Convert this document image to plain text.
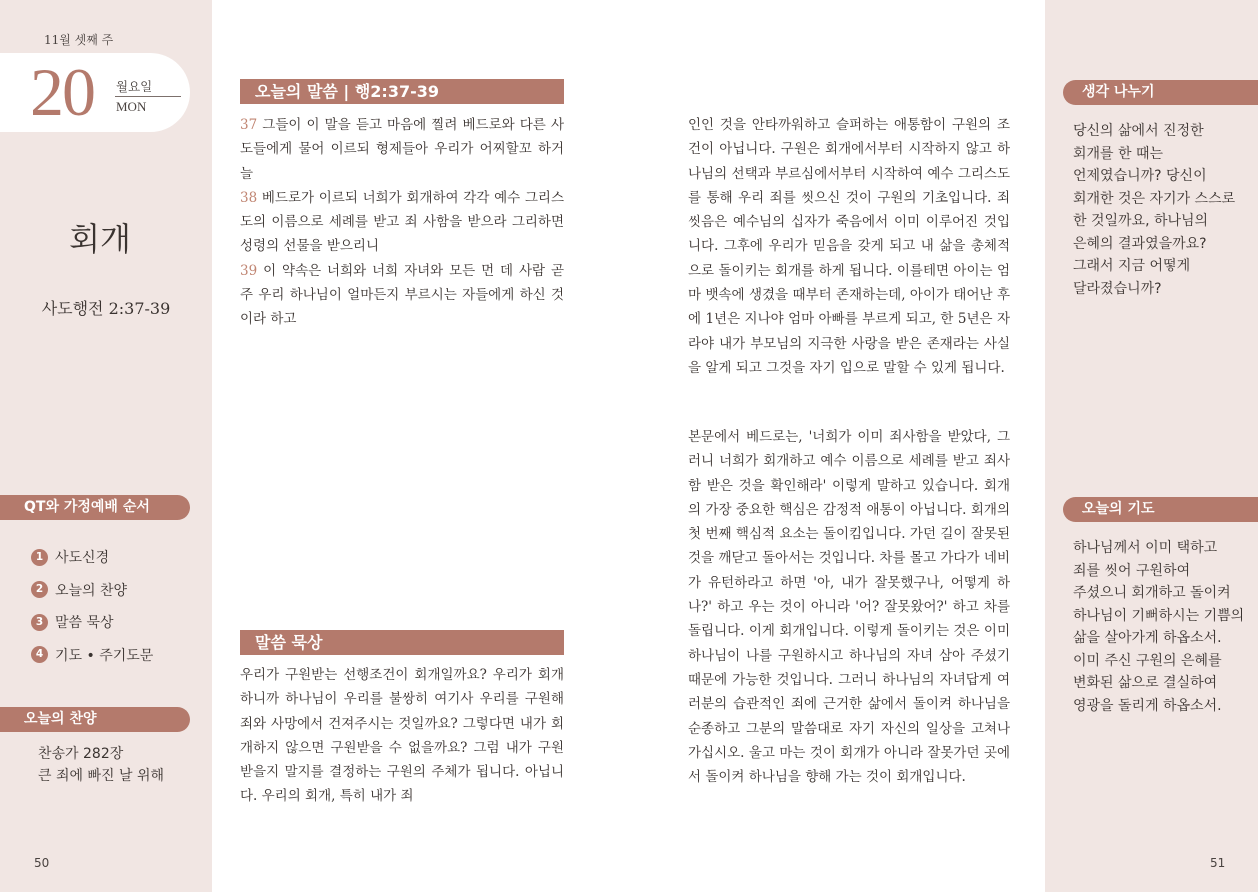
11월 셋째 주
20 월요일
MON
회개
사도행전 2:37-39
QT와 가정예배 순서
1 사도신경
2 오늘의 찬양
3 말씀 묵상
4 기도 • 주기도문
오늘의 찬양
찬송가 282장
큰 죄에 빠진 날 위해
50
오늘의 말씀 | 행2:37-39
37 그들이 이 말을 듣고 마음에 찔려 베드로와 다른 사도들에게 물어 이르되 형제들아 우리가 어찌할꼬 하거늘
38 베드로가 이르되 너희가 회개하여 각각 예수 그리스도의 이름으로 세례를 받고 죄 사함을 받으라 그리하면 성령의 선물을 받으리니
39 이 약속은 너희와 너희 자녀와 모든 먼 데 사람 곧 주 우리 하나님이 얼마든지 부르시는 자들에게 하신 것이라 하고
말씀 묵상
우리가 구원받는 선행조건이 회개일까요? 우리가 회개하니까 하나님이 우리를 불쌍히 여기사 우리를 구원해 죄와 사망에서 건져주시는 것일까요? 그렇다면 내가 회개하지 않으면 구원받을 수 없을까요? 그럼 내가 구원 받을지 말지를 결정하는 구원의 주체가 됩니다. 아닙니다. 우리의 회개, 특히 내가 죄
인인 것을 안타까워하고 슬퍼하는 애통함이 구원의 조건이 아닙니다. 구원은 회개에서부터 시작하지 않고 하나님의 선택과 부르심에서부터 시작하여 예수 그리스도를 통해 우리 죄를 씻으신 것이 구원의 기초입니다. 죄씻음은 예수님의 십자가 죽음에서 이미 이루어진 것입니다. 그후에 우리가 믿음을 갖게 되고 내 삶을 총체적으로 돌이키는 회개를 하게 됩니다. 이를테면 아이는 엄마 뱃속에 생겼을 때부터 존재하는데, 아이가 태어난 후에 1년은 지나야 엄마 아빠를 부르게 되고, 한 5년은 자라야 내가 부모님의 지극한 사랑을 받은 존재라는 사실을 알게 되고 그것을 자기 입으로 말할 수 있게 됩니다.
본문에서 베드로는, '너희가 이미 죄사함을 받았다, 그러니 너희가 회개하고 예수 이름으로 세례를 받고 죄사함 받은 것을 확인해라' 이렇게 말하고 있습니다. 회개의 가장 중요한 핵심은 감정적 애통이 아닙니다. 회개의 첫 번째 핵심적 요소는 돌이킴입니다. 가던 길이 잘못된 것을 깨닫고 돌아서는 것입니다. 차를 몰고 가다가 네비가 유턴하라고 하면 '아, 내가 잘못했구나, 어떻게 하나?' 하고 우는 것이 아니라 '어? 잘못왔어?' 하고 차를 돌립니다. 이게 회개입니다. 이렇게 돌이키는 것은 이미 하나님이 나를 구원하시고 하나님의 자녀 삼아 주셨기 때문에 가능한 것입니다. 그러니 하나님의 자녀답게 여러분의 습관적인 죄에 근거한 삶에서 돌이켜 하나님을 순종하고 그분의 말씀대로 자기 자신의 일상을 고쳐나가십시오. 울고 마는 것이 회개가 아니라 잘못가던 곳에서 돌이켜 하나님을 향해 가는 것이 회개입니다.
생각 나누기
당신의 삶에서 진정한
회개를 한 때는
언제였습니까? 당신이
회개한 것은 자기가 스스로
한 것일까요, 하나님의
은혜의 결과였을까요?
그래서 지금 어떻게
달라졌습니까?
오늘의 기도
하나님께서 이미 택하고
죄를 씻어 구원하여
주셨으니 회개하고 돌이켜
하나님이 기뻐하시는 기쁨의
삶을 살아가게 하옵소서.
이미 주신 구원의 은혜를
변화된 삶으로 결실하여
영광을 돌리게 하옵소서.
51
